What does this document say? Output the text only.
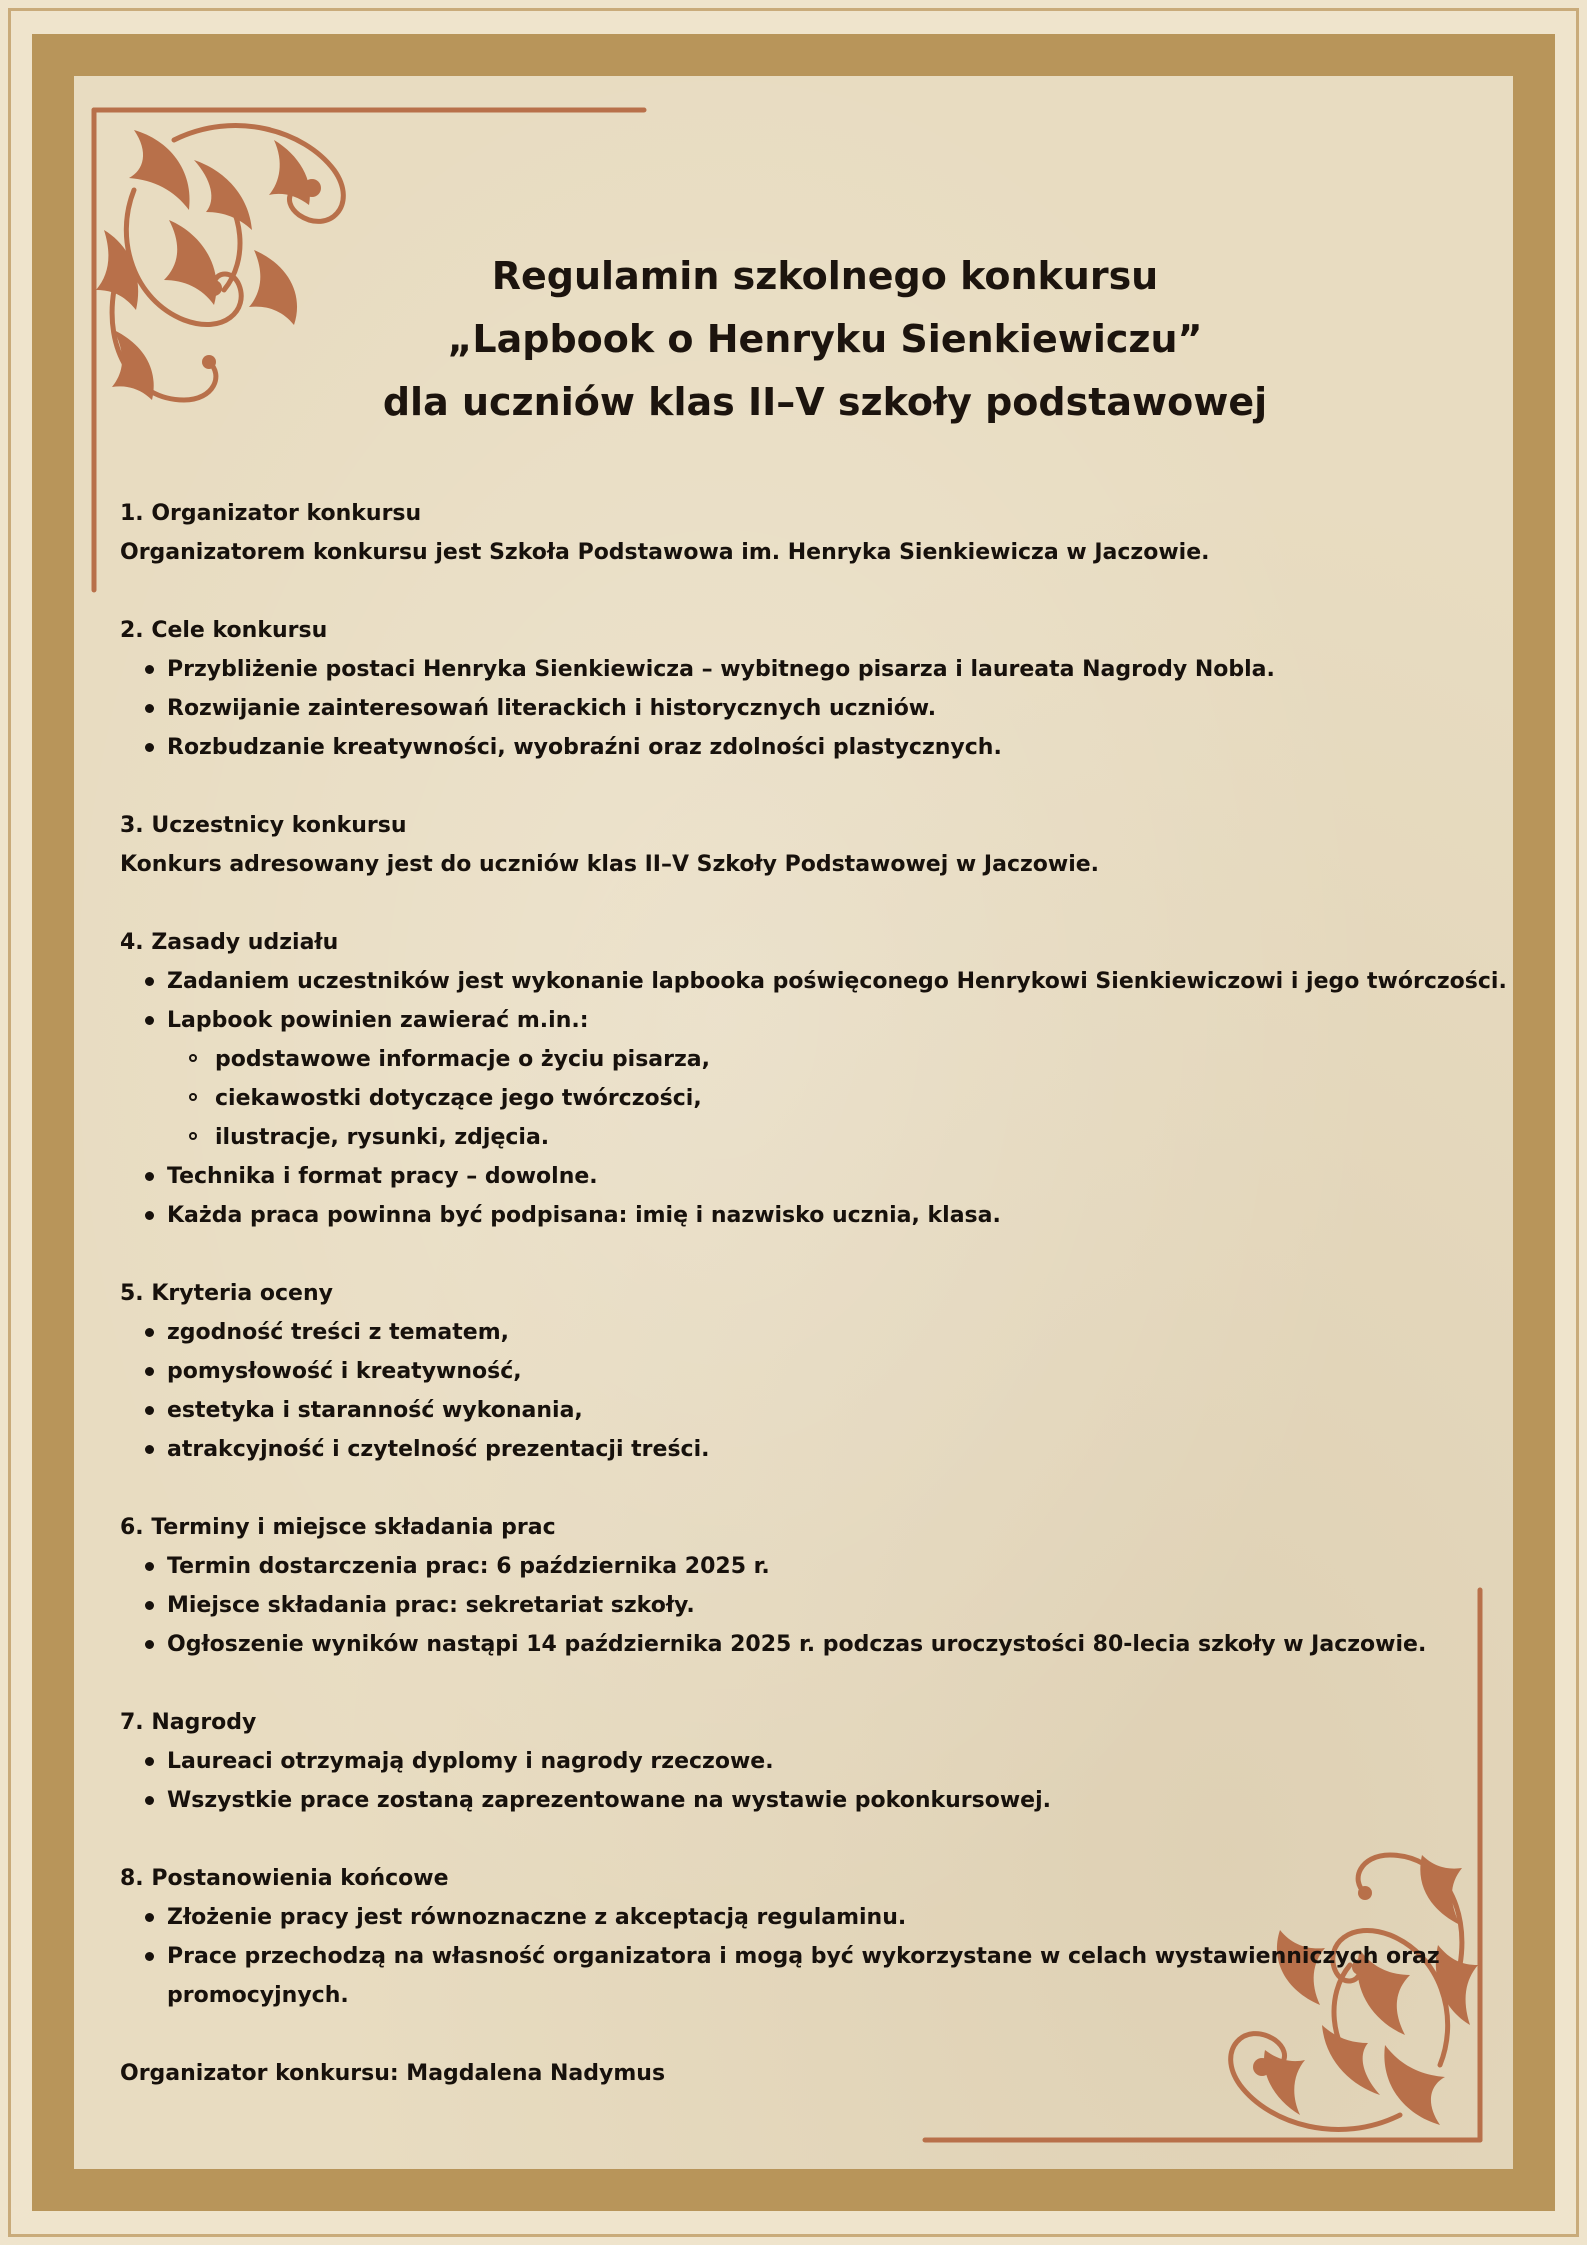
Regulamin szkolnego konkursu

„Lapbook o Henryku Sienkiewiczu”

dla uczniów klas II–V szkoły podstawowej

1. Organizator konkursu

Organizatorem konkursu jest Szkoła Podstawowa im. Henryka Sienkiewicza w Jaczowie.

2. Cele konkursu

Przybliżenie postaci Henryka Sienkiewicza – wybitnego pisarza i laureata Nagrody Nobla.
Rozwijanie zainteresowań literackich i historycznych uczniów.
Rozbudzanie kreatywności, wyobraźni oraz zdolności plastycznych.

3. Uczestnicy konkursu

Konkurs adresowany jest do uczniów klas II–V Szkoły Podstawowej w Jaczowie.

4. Zasady udziału

Zadaniem uczestników jest wykonanie lapbooka poświęconego Henrykowi Sienkiewiczowi i jego twórczości.
Lapbook powinien zawierać m.in.:
podstawowe informacje o życiu pisarza,
ciekawostki dotyczące jego twórczości,
ilustracje, rysunki, zdjęcia.
Technika i format pracy – dowolne.
Każda praca powinna być podpisana: imię i nazwisko ucznia, klasa.

5. Kryteria oceny

zgodność treści z tematem,
pomysłowość i kreatywność,
estetyka i staranność wykonania,
atrakcyjność i czytelność prezentacji treści.

6. Terminy i miejsce składania prac

Termin dostarczenia prac: 6 października 2025 r.
Miejsce składania prac: sekretariat szkoły.
Ogłoszenie wyników nastąpi 14 października 2025 r. podczas uroczystości 80-lecia szkoły w Jaczowie.

7. Nagrody

Laureaci otrzymają dyplomy i nagrody rzeczowe.
Wszystkie prace zostaną zaprezentowane na wystawie pokonkursowej.

8. Postanowienia końcowe

Złożenie pracy jest równoznaczne z akceptacją regulaminu.
Prace przechodzą na własność organizatora i mogą być wykorzystane w celach wystawienniczych oraz promocyjnych.

Organizator konkursu: Magdalena Nadymus
